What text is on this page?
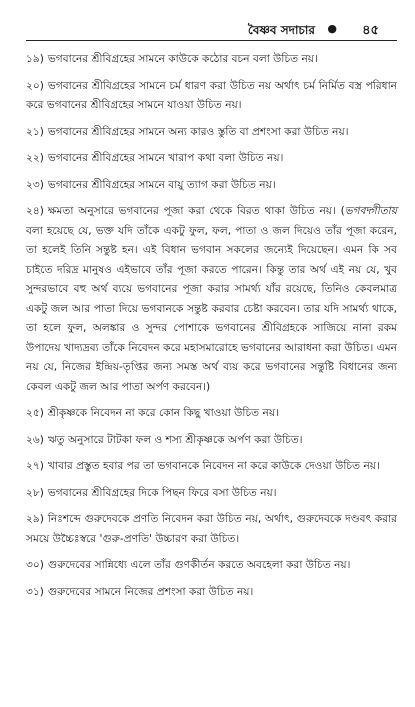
বৈষ্ণব সদাচার ● ৪৫

১৯) ভগবানের শ্রীবিগ্রহের সামনে কাউকে কঠোর বচন বলা উচিত নয়।

২০) ভগবানের শ্রীবিগ্রহের সামনে চর্ম ধারণ করা উচিত নয় অর্থাৎ চর্ম নির্মিত বস্ত্র পরিধান করে ভগবানের শ্রীবিগ্রহের সামনে যাওয়া উচিত নয়।

২১) ভগবানের শ্রীবিগ্রহের সামনে অন্য কারও স্তুতি বা প্রশংসা করা উচিত নয়।

২২) ভগবানের শ্রীবিগ্রহের সামনে খারাপ কথা বলা উচিত নয়।

২৩) ভগবানের শ্রীবিগ্রহের সামনে বায়ু ত্যাগ করা উচিত নয়।

২৪) ক্ষমতা অনুসারে ভগবানের পূজা করা থেকে বিরত থাকা উচিত নয়। (ভগবদ্গীতায় বলা হয়েছে যে, ভক্ত যদি তাঁকে একটু ফুল, ফল, পাতা ও জল দিয়েও তাঁর পূজা করেন, তা হলেই তিনি সন্তুষ্ট হন। এই বিধান ভগবান সকলের জন্যেই দিয়েছেন। এমন কি সব চাইতে দরিদ্র মানুষও এইভাবে তাঁর পূজা করতে পারেন। কিন্তু তার অর্থ এই নয় যে, খুব সুন্দরভাবে বহু অর্থ ব্যয়ে ভগবানের পূজা করার সামর্থ্য যাঁর রয়েছে, তিনিও কেবলমাত্র একটু জল আর পাতা দিয়ে ভগবানকে সন্তুষ্ট করবার চেষ্টা করবেন। তার যদি সামর্থ্য থাকে, তা হলে ফুল, অলঙ্কার ও সুন্দর পোশাকে ভগবানের শ্রীবিগ্রহকে সাজিয়ে নানা রকম উপাদেয় খাদ্যদ্রব্য তাঁকে নিবেদন করে মহাসমারোহে ভগবানের আরাধনা করা উচিত। এমন নয় যে, নিজের ইন্দ্রিয়-তৃপ্তির জন্য সমস্ত অর্থ ব্যয় করে ভগবানের সন্তুষ্টি বিধানের জন্য কেবল একটু জল আর পাতা অর্পণ করবেন।)

২৫) শ্রীকৃষ্ণকে নিবেদন না করে কোন কিছু খাওয়া উচিত নয়।

২৬) ঋতু অনুসারে টাটকা ফল ও শস্য শ্রীকৃষ্ণকে অর্পণ করা উচিত।

২৭) খাবার প্রস্তুত হবার পর তা ভগবানকে নিবেদন না করে কাউকে দেওয়া উচিত নয়।

২৮) ভগবানের শ্রীবিগ্রহের দিকে পিছন ফিরে বসা উচিত নয়।

২৯) নিঃশব্দে গুরুদেবকে প্রণতি নিবেদন করা উচিত নয়, অর্থাৎ, গুরুদেবকে দণ্ডবৎ করার সময়ে উচ্চৈঃস্বরে 'গুরু-প্রণতি' উচ্চারণ করা উচিত।

৩০) গুরুদেবের সান্নিধ্যে এলে তাঁর গুণকীর্তন করতে অবহেলা করা উচিত নয়।

৩১) গুরুদেবের সামনে নিজের প্রশংসা করা উচিত নয়।
